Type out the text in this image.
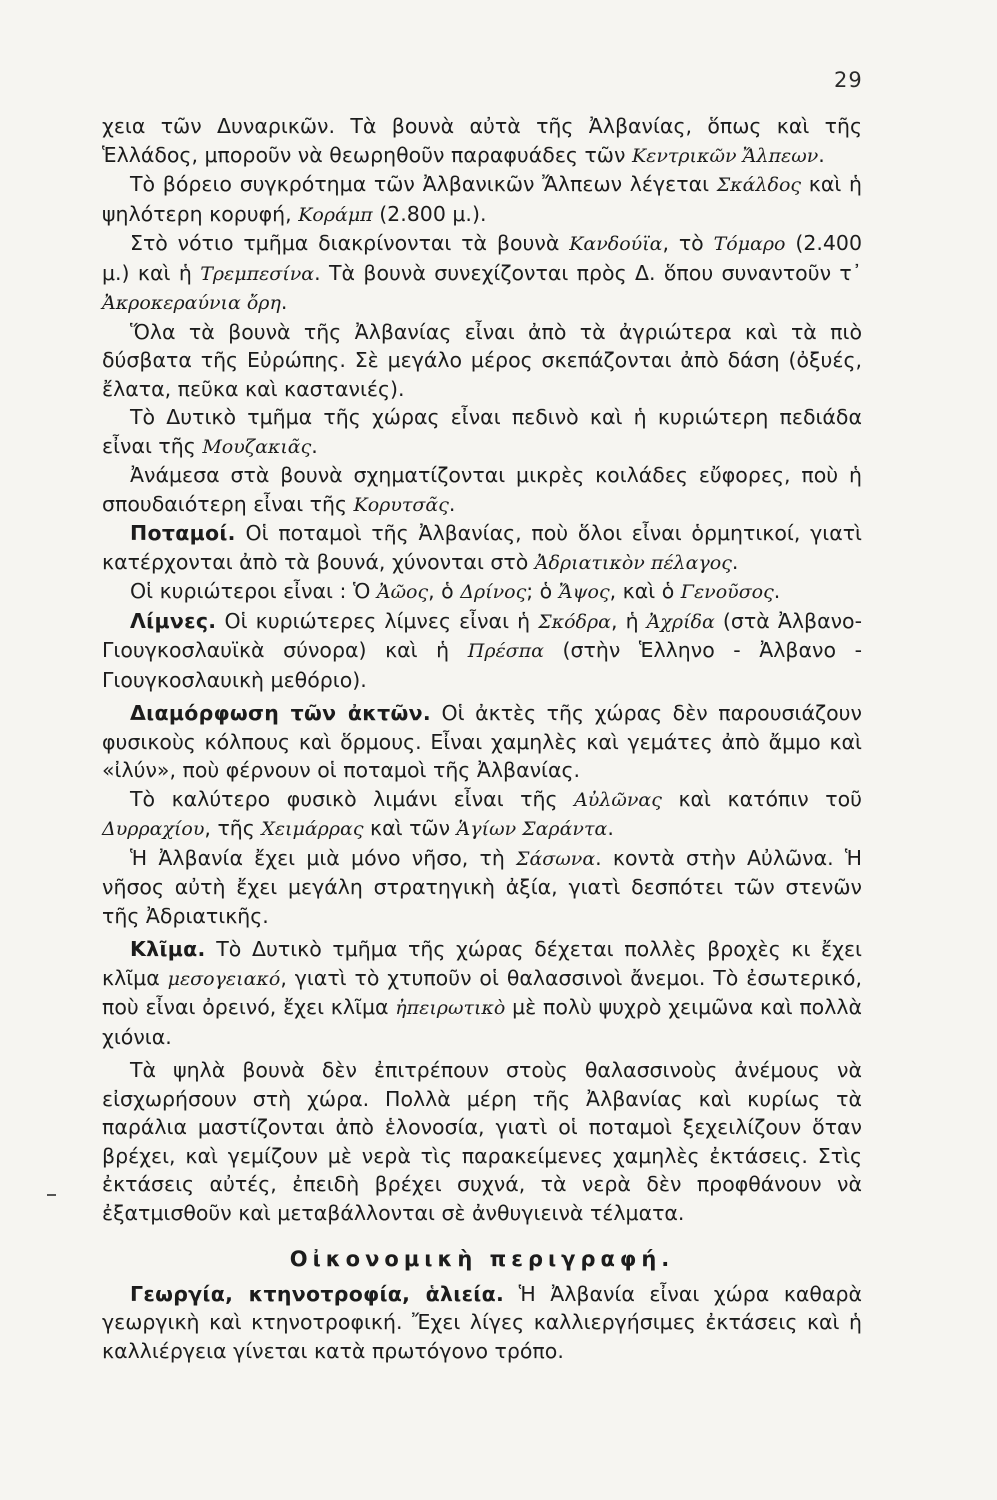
29

χεια τῶν Δυναρικῶν. Τὰ βουνὰ αὐτὰ τῆς Ἀλβανίας, ὅπως καὶ τῆς Ἑλλάδος, μποροῦν νὰ θεωρηθοῦν παραφυάδες τῶν Κεντρικῶν Ἄλπεων.

Τὸ βόρειο συγκρότημα τῶν Ἀλβανικῶν Ἄλπεων λέγεται Σκάλδος καὶ ἡ ψηλότερη κορυφή, Κοράμπ (2.800 μ.).

Στὸ νότιο τμῆμα διακρίνονται τὰ βουνὰ Κανδούϊα, τὸ Τόμαρο (2.400 μ.) καὶ ἡ Τρεμπεσίνα. Τὰ βουνὰ συνεχίζονται πρὸς Δ. ὅπου συναντοῦν τ᾿ Ἀκροκεραύνια ὄρη.

Ὅλα τὰ βουνὰ τῆς Ἀλβανίας εἶναι ἀπὸ τὰ ἀγριώτερα καὶ τὰ πιὸ δύσβατα τῆς Εὐρώπης. Σὲ μεγάλο μέρος σκεπάζονται ἀπὸ δάση (ὀξυές, ἔλατα, πεῦκα καὶ καστανιές).

Τὸ Δυτικὸ τμῆμα τῆς χώρας εἶναι πεδινὸ καὶ ἡ κυριώτερη πεδιάδα εἶναι τῆς Μουζακιᾶς.

Ἀνάμεσα στὰ βουνὰ σχηματίζονται μικρὲς κοιλάδες εὔφορες, ποὺ ἡ σπουδαιότερη εἶναι τῆς Κορυτσᾶς.

Ποταμοί. Οἱ ποταμοὶ τῆς Ἀλβανίας, ποὺ ὅλοι εἶναι ὁρμητικοί, γιατὶ κατέρχονται ἀπὸ τὰ βουνά, χύνονται στὸ Ἀδριατικὸν πέλαγος.

Οἱ κυριώτεροι εἶναι : Ὁ Ἀῶος, ὁ Δρίνος; ὁ Ἄψος, καὶ ὁ Γενοῦσος.

Λίμνες. Οἱ κυριώτερες λίμνες εἶναι ἡ Σκόδρα, ἡ Ἀχρίδα (στὰ Ἀλβανο-Γιουγκοσλαυϊκὰ σύνορα) καὶ ἡ Πρέσπα (στὴν Ἑλληνο - Ἀλβανο - Γιουγκοσλαυικὴ μεθόριο).

Διαμόρφωση τῶν ἀκτῶν. Οἱ ἀκτὲς τῆς χώρας δὲν παρουσιάζουν φυσικοὺς κόλπους καὶ ὅρμους. Εἶναι χαμηλὲς καὶ γεμάτες ἀπὸ ἄμμο καὶ «ἰλύν», ποὺ φέρνουν οἱ ποταμοὶ τῆς Ἀλβανίας.

Τὸ καλύτερο φυσικὸ λιμάνι εἶναι τῆς Αὐλῶνας καὶ κατόπιν τοῦ Δυρραχίου, τῆς Χειμάρρας καὶ τῶν Ἁγίων Σαράντα.

Ἡ Ἀλβανία ἔχει μιὰ μόνο νῆσο, τὴ Σάσωνα. κοντὰ στὴν Αὐλῶνα. Ἡ νῆσος αὐτὴ ἔχει μεγάλη στρατηγικὴ ἀξία, γιατὶ δεσπότει τῶν στενῶν τῆς Ἀδριατικῆς.

Κλῖμα. Τὸ Δυτικὸ τμῆμα τῆς χώρας δέχεται πολλὲς βροχὲς κι ἔχει κλῖμα μεσογειακό, γιατὶ τὸ χτυποῦν οἱ θαλασσινοὶ ἄνεμοι. Τὸ ἐσωτερικό, ποὺ εἶναι ὀρεινό, ἔχει κλῖμα ἠπειρωτικὸ μὲ πολὺ ψυχρὸ χειμῶνα καὶ πολλὰ χιόνια.

Τὰ ψηλὰ βουνὰ δὲν ἐπιτρέπουν στοὺς θαλασσινοὺς ἀνέμους νὰ εἰσχωρήσουν στὴ χώρα. Πολλὰ μέρη τῆς Ἀλβανίας καὶ κυρίως τὰ παράλια μαστίζονται ἀπὸ ἑλονοσία, γιατὶ οἱ ποταμοὶ ξεχειλίζουν ὅταν βρέχει, καὶ γεμίζουν μὲ νερὰ τὶς παρακείμενες χαμηλὲς ἐκτάσεις. Στὶς ἐκτάσεις αὐτές, ἐπειδὴ βρέχει συχνά, τὰ νερὰ δὲν προφθάνουν νὰ ἐξατμισθοῦν καὶ μεταβάλλονται σὲ ἀνθυγιεινὰ τέλματα.

Οἰκονομικὴ περιγραφή.

Γεωργία, κτηνοτροφία, ἁλιεία. Ἡ Ἀλβανία εἶναι χώρα καθαρὰ γεωργικὴ καὶ κτηνοτροφική. Ἔχει λίγες καλλιεργήσιμες ἐκτάσεις καὶ ἡ καλλιέργεια γίνεται κατὰ πρωτόγονο τρόπο.
